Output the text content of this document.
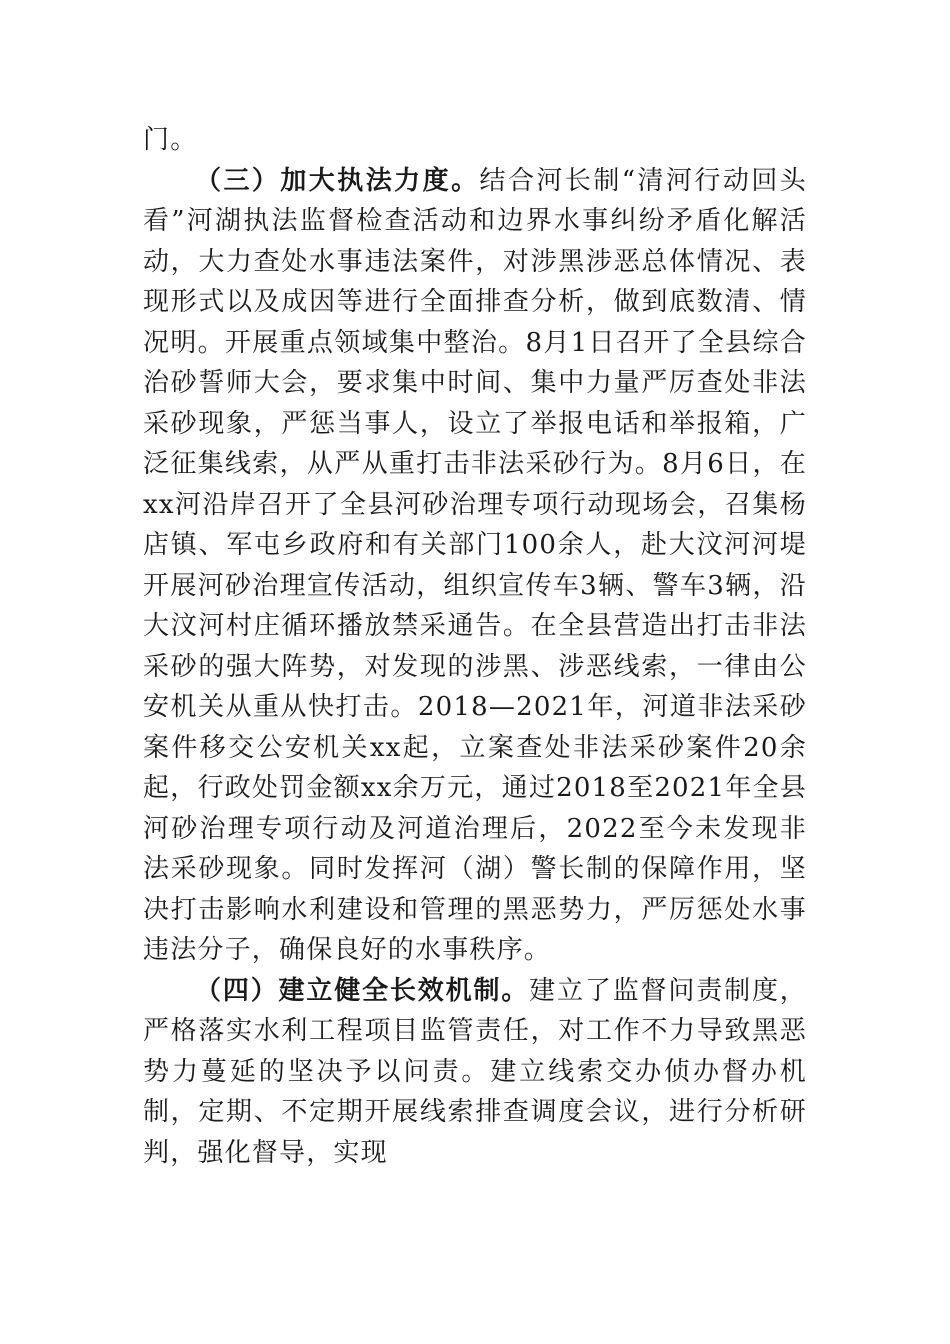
门。

（三）加大执法力度。结合河长制“清河行动回头看”河湖执法监督检查活动和边界水事纠纷矛盾化解活动，大力查处水事违法案件，对涉黑涉恶总体情况、表现形式以及成因等进行全面排查分析，做到底数清、情况明。开展重点领域集中整治。8月1日召开了全县综合治砂誓师大会，要求集中时间、集中力量严厉查处非法采砂现象，严惩当事人，设立了举报电话和举报箱，广泛征集线索，从严从重打击非法采砂行为。8月6日，在xx河沿岸召开了全县河砂治理专项行动现场会，召集杨店镇、军屯乡政府和有关部门100余人，赴大汶河河堤开展河砂治理宣传活动，组织宣传车3辆、警车3辆，沿大汶河村庄循环播放禁采通告。在全县营造出打击非法采砂的强大阵势，对发现的涉黑、涉恶线索，一律由公安机关从重从快打击。2018—2021年，河道非法采砂案件移交公安机关xx起，立案查处非法采砂案件20余起，行政处罚金额xx余万元，通过2018至2021年全县河砂治理专项行动及河道治理后，2022至今未发现非法采砂现象。同时发挥河（湖）警长制的保障作用，坚决打击影响水利建设和管理的黑恶势力，严厉惩处水事违法分子，确保良好的水事秩序。

（四）建立健全长效机制。建立了监督问责制度，严格落实水利工程项目监管责任，对工作不力导致黑恶势力蔓延的坚决予以问责。建立线索交办侦办督办机制，定期、不定期开展线索排查调度会议，进行分析研判，强化督导，实现
